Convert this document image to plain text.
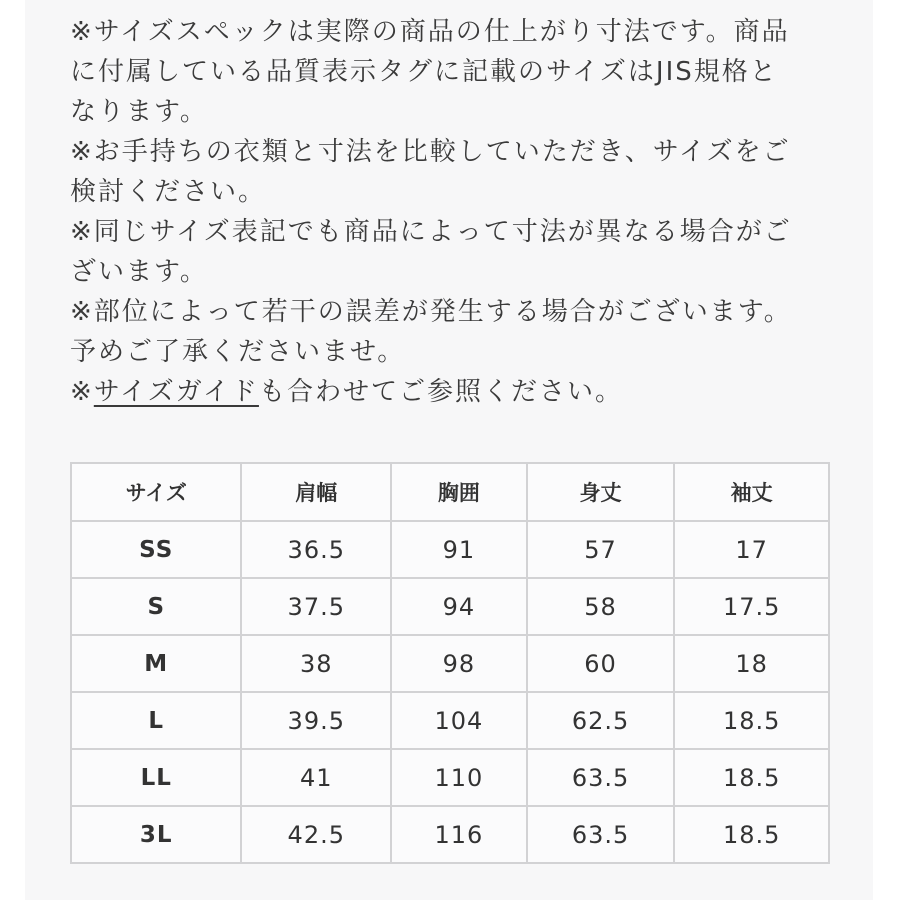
※サイズスペックは実際の商品の仕上がり寸法です。商品
に付属している品質表示タグに記載のサイズはJIS規格と
なります。
※お手持ちの衣類と寸法を比較していただき、サイズをご
検討ください。
※同じサイズ表記でも商品によって寸法が異なる場合がご
ざいます。
※部位によって若干の誤差が発生する場合がございます。
予めご了承くださいませ。
※サイズガイドも合わせてご参照ください。
サイズ	肩幅	胸囲	身丈	袖丈
SS	36.5	91	57	17
S	37.5	94	58	17.5
M	38	98	60	18
L	39.5	104	62.5	18.5
LL	41	110	63.5	18.5
3L	42.5	116	63.5	18.5
